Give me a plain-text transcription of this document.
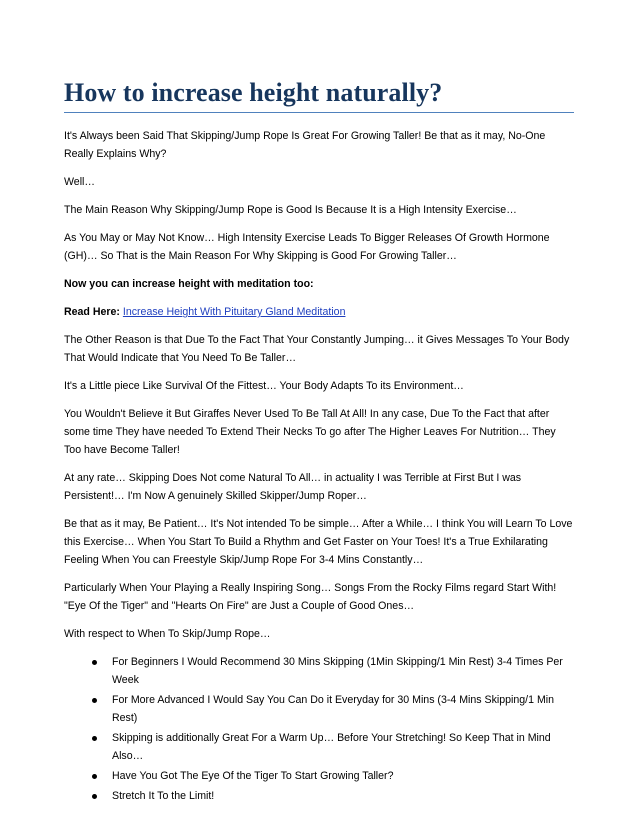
How to increase height naturally?

It's Always been Said That Skipping/Jump Rope Is Great For Growing Taller! Be that as it may, No-One Really Explains Why?

Well…

The Main Reason Why Skipping/Jump Rope is Good Is Because It is a High Intensity Exercise…

As You May or May Not Know… High Intensity Exercise Leads To Bigger Releases Of Growth Hormone (GH)… So That is the Main Reason For Why Skipping is Good For Growing Taller…

Now you can increase height with meditation too:

Read Here: Increase Height With Pituitary Gland Meditation

The Other Reason is that Due To the Fact That Your Constantly Jumping… it Gives Messages To Your Body That Would Indicate that You Need To Be Taller…

It's a Little piece Like Survival Of the Fittest… Your Body Adapts To its Environment…

You Wouldn't Believe it But Giraffes Never Used To Be Tall At All! In any case, Due To the Fact that after some time They have needed To Extend Their Necks To go after The Higher Leaves For Nutrition… They Too have Become Taller!

At any rate… Skipping Does Not come Natural To All… in actuality I was Terrible at First But I was Persistent!… I'm Now A genuinely Skilled Skipper/Jump Roper…

Be that as it may, Be Patient… It's Not intended To be simple… After a While… I think You will Learn To Love this Exercise… When You Start To Build a Rhythm and Get Faster on Your Toes! It's a True Exhilarating Feeling When You can Freestyle Skip/Jump Rope For 3-4 Mins Constantly…

Particularly When Your Playing a Really Inspiring Song… Songs From the Rocky Films regard Start With! "Eye Of the Tiger" and "Hearts On Fire" are Just a Couple of Good Ones…

With respect to When To Skip/Jump Rope…

For Beginners I Would Recommend 30 Mins Skipping (1Min Skipping/1 Min Rest) 3-4 Times Per Week
For More Advanced I Would Say You Can Do it Everyday for 30 Mins (3-4 Mins Skipping/1 Min Rest)
Skipping is additionally Great For a Warm Up… Before Your Stretching! So Keep That in Mind Also…
Have You Got The Eye Of the Tiger To Start Growing Taller?
Stretch It To the Limit!
